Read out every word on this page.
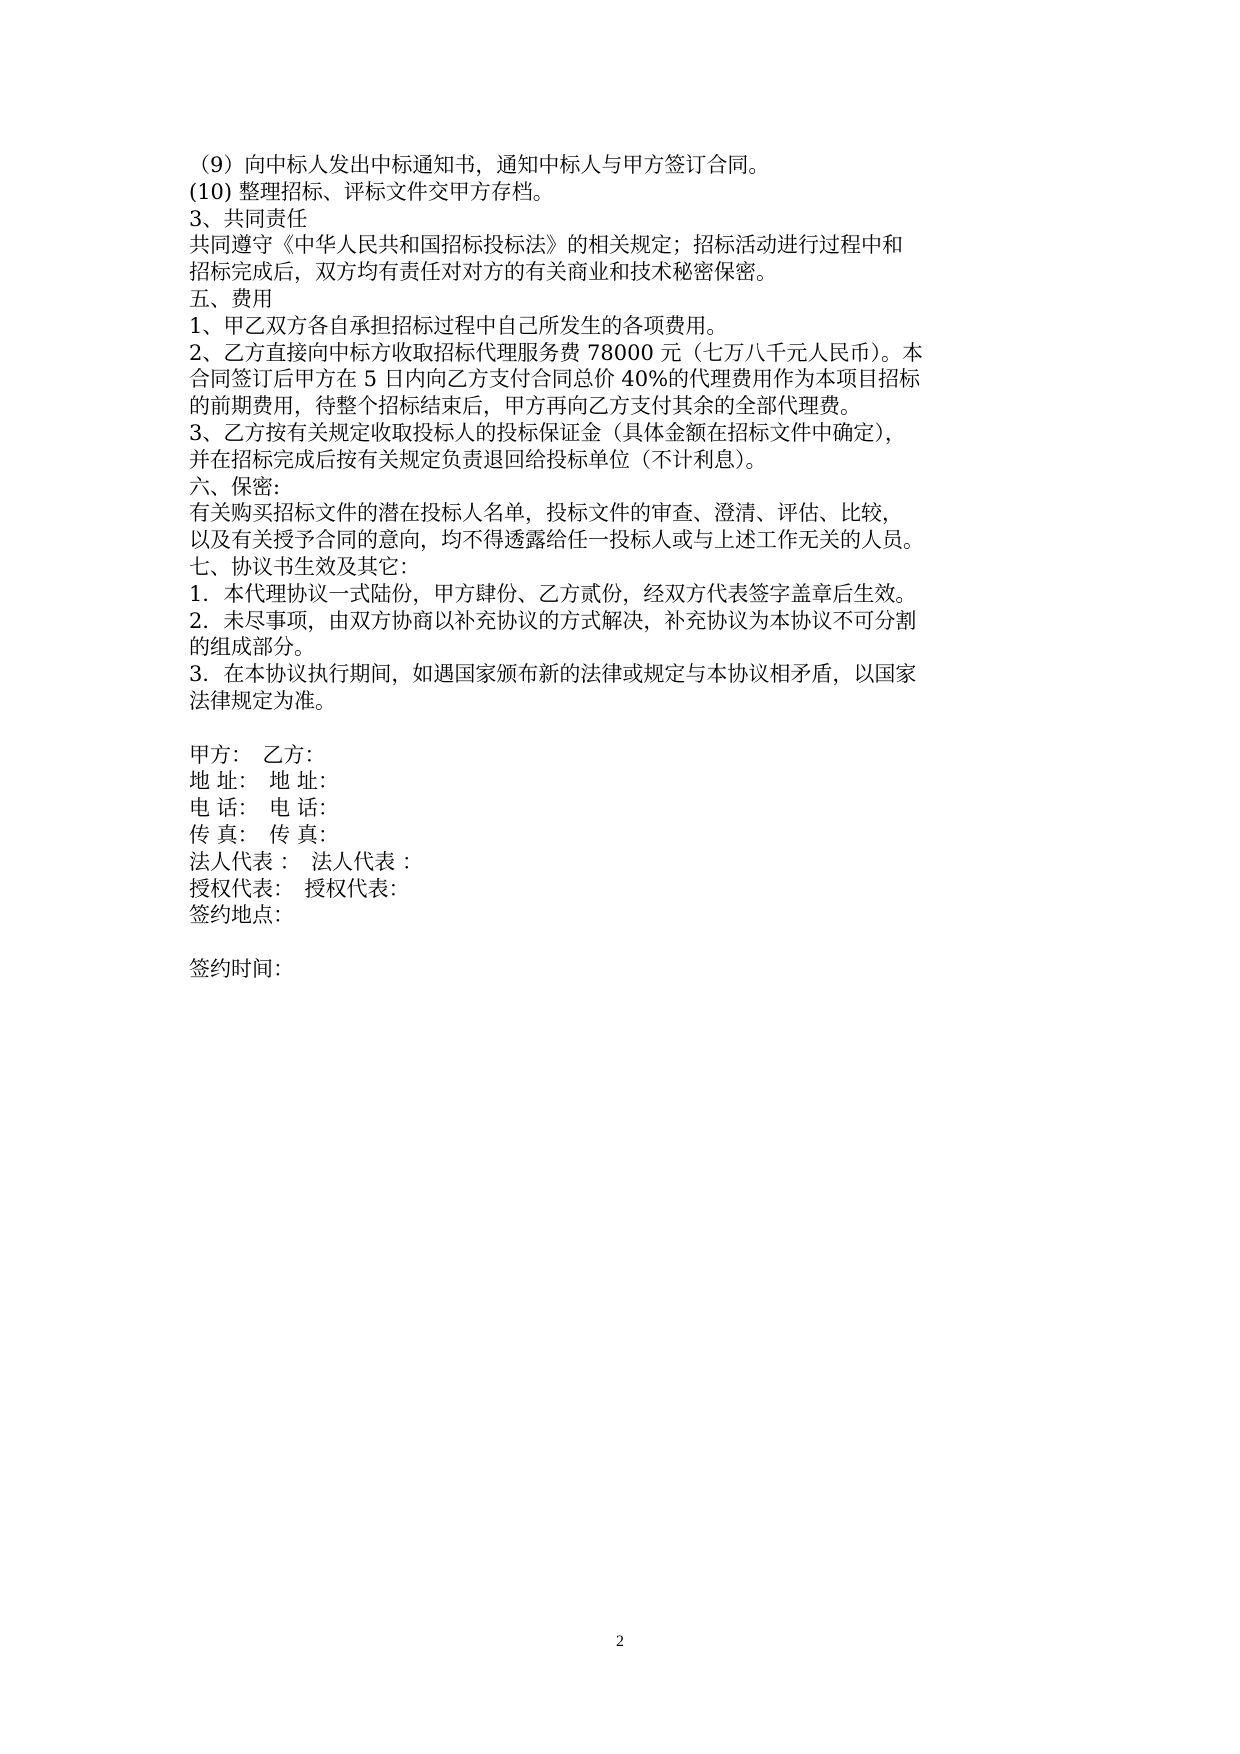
（9）向中标人发出中标通知书，通知中标人与甲方签订合同。
(10) 整理招标、评标文件交甲方存档。
3、共同责任
共同遵守《中华人民共和国招标投标法》的相关规定；招标活动进行过程中和
招标完成后，双方均有责任对对方的有关商业和技术秘密保密。
五、费用
1、甲乙双方各自承担招标过程中自己所发生的各项费用。
2、乙方直接向中标方收取招标代理服务费 78000 元（七万八千元人民币）。本
合同签订后甲方在 5 日内向乙方支付合同总价 40%的代理费用作为本项目招标
的前期费用，待整个招标结束后，甲方再向乙方支付其余的全部代理费。
3、乙方按有关规定收取投标人的投标保证金（具体金额在招标文件中确定），
并在招标完成后按有关规定负责退回给投标单位（不计利息）。
六、保密:
有关购买招标文件的潜在投标人名单，投标文件的审查、澄清、评估、比较，
以及有关授予合同的意向，均不得透露给任一投标人或与上述工作无关的人员。
七、协议书生效及其它：
1．本代理协议一式陆份，甲方肆份、乙方贰份，经双方代表签字盖章后生效。
2．未尽事项，由双方协商以补充协议的方式解决，补充协议为本协议不可分割
的组成部分。
3．在本协议执行期间，如遇国家颁布新的法律或规定与本协议相矛盾，以国家
法律规定为准。
甲方：　乙方：
地 址：　地 址：
电 话：　电 话：
传 真：　传 真：
法人代表 ：　法人代表 ：
授权代表：　授权代表：
签约地点：
签约时间：
2
